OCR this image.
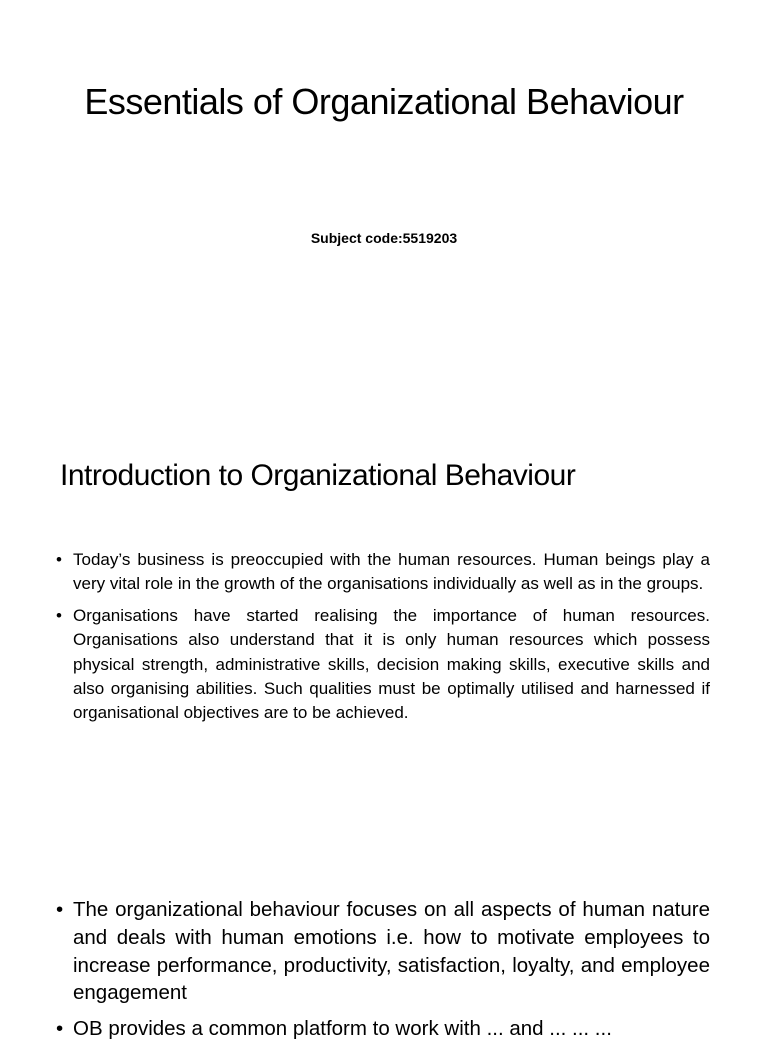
Essentials of Organizational Behaviour

Subject code:5519203

Introduction to Organizational Behaviour
• Today’s business is preoccupied with the human resources. Human beings play a very vital role in the growth of the organisations individually as well as in the groups.
• Organisations have started realising the importance of human resources. Organisations also understand that it is only human resources which possess physical strength, administrative skills, decision making skills, executive skills and also organising abilities. Such qualities must be optimally utilised and harnessed if organisational objectives are to be achieved.
• The organizational behaviour focuses on all aspects of human nature and deals with human emotions i.e. how to motivate employees to increase performance, productivity, satisfaction, loyalty, and employee engagement
• OB provides a common platform to work with ... and ... ... ...
